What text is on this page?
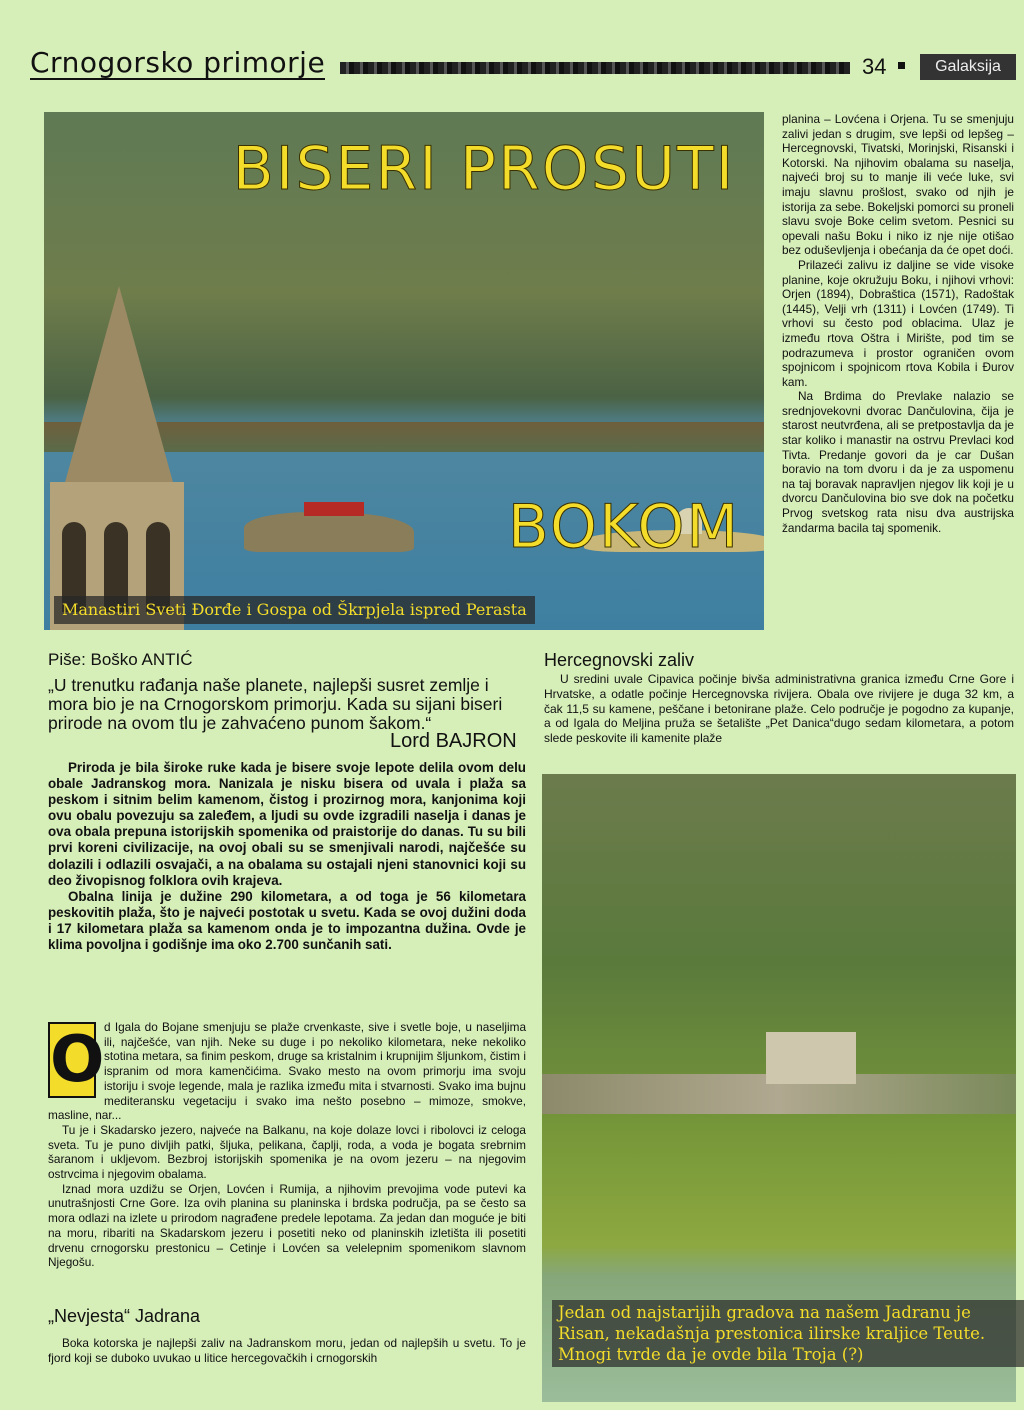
Crnogorsko primorje	34	Galaksija
BISERI PROSUTI
BOKOM
Manastiri Sveti Đorđe i Gospa od Škrpjela ispred Perasta

planina – Lovćena i Orjena. Tu se smenjuju zalivi jedan s drugim, sve lepši od lepšeg – Hercegnovski, Tivatski, Morinjski, Risanski i Kotorski. Na njihovim obalama su naselja, najveći broj su to manje ili veće luke, svi imaju slavnu prošlost, svako od njih je istorija za sebe. Bokeljski pomorci su proneli slavu svoje Boke celim svetom. Pesnici su opevali našu Boku i niko iz nje nije otišao bez oduševljenja i obećanja da će opet doći.

Prilazeći zalivu iz daljine se vide visoke planine, koje okružuju Boku, i njihovi vrhovi: Orjen (1894), Dobraštica (1571), Radoštak (1445), Velji vrh (1311) i Lovćen (1749). Ti vrhovi su često pod oblacima. Ulaz je između rtova Oštra i Mirište, pod tim se podrazumeva i prostor ograničen ovom spojnicom i spojnicom rtova Kobila i Đurov kam.

Na Brdima do Prevlake nalazio se srednjovekovni dvorac Dančulovina, čija je starost neutvrđena, ali se pretpostavlja da je star koliko i manastir na ostrvu Prevlaci kod Tivta. Predanje govori da je car Dušan boravio na tom dvoru i da je za uspomenu na taj boravak napravljen njegov lik koji je u dvorcu Dančulovina bio sve dok na početku Prvog svetskog rata nisu dva austrijska žandarma bacila taj spomenik.

Piše: Boško ANTIĆ
„U trenutku rađanja naše planete, najlepši susret zemlje i mora bio je na Crnogorskom primorju. Kada su sijani biseri prirode na ovom tlu je zahvaćeno punom šakom.“
Lord BAJRON

Priroda je bila široke ruke kada je bisere svoje lepote delila ovom delu obale Jadranskog mora. Nanizala je nisku bisera od uvala i plaža sa peskom i sitnim belim kamenom, čistog i prozirnog mora, kanjonima koji ovu obalu povezuju sa zaleđem, a ljudi su ovde izgradili naselja i danas je ova obala prepuna istorijskih spomenika od praistorije do danas. Tu su bili prvi koreni civilizacije, na ovoj obali su se smenjivali narodi, najčešće su dolazili i odlazili osvajači, a na obalama su ostajali njeni stanovnici koji su deo živopisnog folklora ovih krajeva.

Obalna linija je dužine 290 kilometara, a od toga je 56 kilometara peskovitih plaža, što je najveći postotak u svetu. Kada se ovoj dužini doda i 17 kilometara plaža sa kamenom onda je to impozantna dužina. Ovde je klima povoljna i godišnje ima oko 2.700 sunčanih sati.

O d Igala do Bojane smenjuju se plaže crvenkaste, sive i svetle boje, u naseljima ili, najčešće, van njih. Neke su duge i po nekoliko kilometara, neke nekoliko stotina metara, sa finim peskom, druge sa kristalnim i krupnijim šljunkom, čistim i ispranim od mora kamenčićima. Svako mesto na ovom primorju ima svoju istoriju i svoje legende, mala je razlika između mita i stvarnosti. Svako ima bujnu mediteransku vegetaciju i svako ima nešto posebno – mimoze, smokve, masline, nar...

Tu je i Skadarsko jezero, najveće na Balkanu, na koje dolaze lovci i ribolovci iz celoga sveta. Tu je puno divljih patki, šljuka, pelikana, čaplji, roda, a voda je bogata srebrnim šaranom i ukljevom. Bezbroj istorijskih spomenika je na ovom jezeru – na njegovim ostrvcima i njegovim obalama.

Iznad mora uzdižu se Orjen, Lovćen i Rumija, a njihovim prevojima vode putevi ka unutrašnjosti Crne Gore. Iza ovih planina su planinska i brdska područja, pa se često sa mora odlazi na izlete u prirodom nagrađene predele lepotama. Za jedan dan moguće je biti na moru, ribariti na Skadarskom jezeru i posetiti neko od planinskih izletišta ili posetiti drvenu crnogorsku prestonicu – Cetinje i Lovćen sa velelepnim spomenikom slavnom Njegošu.

„Nevjesta“ Jadrana

Boka kotorska je najlepši zaliv na Jadranskom moru, jedan od najlepših u svetu. To je fjord koji se duboko uvukao u litice hercegovačkih i crnogorskih

Hercegnovski zaliv

U sredini uvale Cipavica počinje bivša administrativna granica između Crne Gore i Hrvatske, a odatle počinje Hercegnovska rivijera. Obala ove rivijere je duga 32 km, a čak 11,5 su kamene, peščane i betonirane plaže. Celo područje je pogodno za kupanje, a od Igala do Meljina pruža se šetalište „Pet Danica“dugo sedam kilometara, a potom slede peskovite ili kamenite plaže

Jedan od najstarijih gradova na našem Jadranu je Risan, nekadašnja prestonica ilirske kraljice Teute. Mnogi tvrde da je ovde bila Troja (?)
